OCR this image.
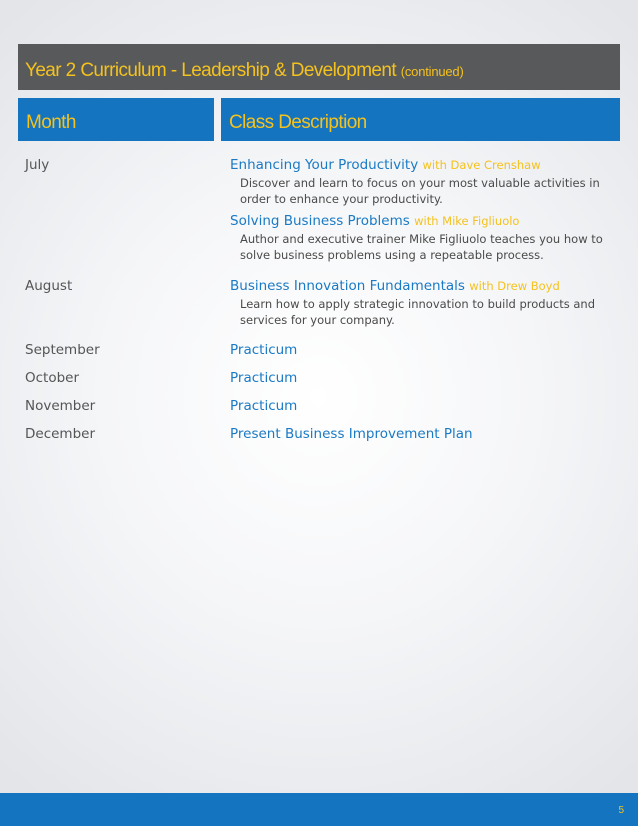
Year 2 Curriculum - Leadership & Development (continued)
Month	Class Description
July	Enhancing Your Productivity with Dave Crenshaw
Discover and learn to focus on your most valuable activities in order to enhance your productivity.
Solving Business Problems with Mike Figliuolo
Author and executive trainer Mike Figliuolo teaches you how to solve business problems using a repeatable process.
August	Business Innovation Fundamentals with Drew Boyd
Learn how to apply strategic innovation to build products and services for your company.
September	Practicum
October	Practicum
November	Practicum
December	Present Business Improvement Plan
5
